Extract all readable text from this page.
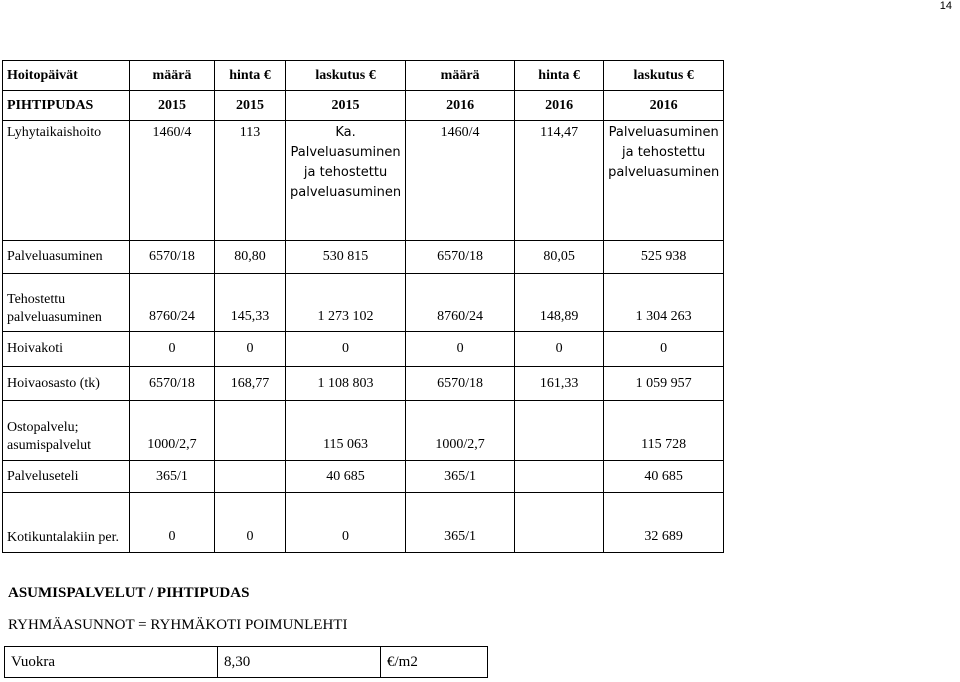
14
Hoitopäivät	määrä	hinta €	laskutus €	määrä	hinta €	laskutus €
PIHTIPUDAS	2015	2015	2015	2016	2016	2016
Lyhytaikaishoito	1460/4	113	Ka. Palveluasuminen ja tehostettu palveluasuminen	1460/4	114,47	Palveluasuminen ja tehostettu palveluasuminen
Palveluasuminen	6570/18	80,80	530 815	6570/18	80,05	525 938
Tehostettu palveluasuminen	8760/24	145,33	1 273 102	8760/24	148,89	1 304 263
Hoivakoti	0	0	0	0	0	0
Hoivaosasto (tk)	6570/18	168,77	1 108 803	6570/18	161,33	1 059 957
Ostopalvelu; asumispalvelut	1000/2,7		115 063	1000/2,7		115 728
Palveluseteli	365/1		40 685	365/1		40 685
Kotikuntalakiin per.	0	0	0	365/1		32 689
ASUMISPALVELUT / PIHTIPUDAS
RYHMÄASUNNOT = RYHMÄKOTI POIMUNLEHTI
Vuokra	8,30	€/m2
